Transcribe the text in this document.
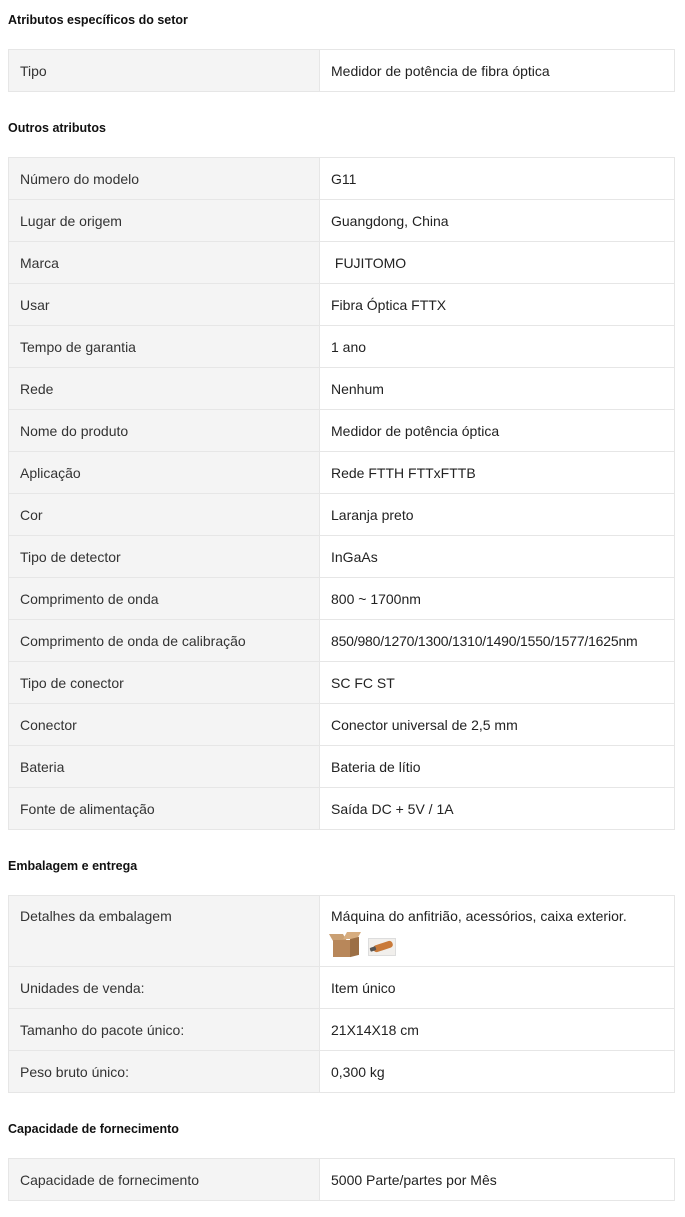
Atributos específicos do setor
Tipo	Medidor de potência de fibra óptica
Outros atributos
Número do modelo	G11
Lugar de origem	Guangdong, China
Marca	FUJITOMO
Usar	Fibra Óptica FTTX
Tempo de garantia	1 ano
Rede	Nenhum
Nome do produto	Medidor de potência óptica
Aplicação	Rede FTTH FTTxFTTB
Cor	Laranja preto
Tipo de detector	InGaAs
Comprimento de onda	800 ~ 1700nm
Comprimento de onda de calibração	850/980/1270/1300/1310/1490/1550/1577/1625nm
Tipo de conector	SC FC ST
Conector	Conector universal de 2,5 mm
Bateria	Bateria de lítio
Fonte de alimentação	Saída DC + 5V / 1A
Embalagem e entrega
Detalhes da embalagem	Máquina do anfitrião, acessórios, caixa exterior.

Unidades de venda:	Item único
Tamanho do pacote único:	21X14X18 cm
Peso bruto único:	0,300 kg
Capacidade de fornecimento
Capacidade de fornecimento	5000 Parte/partes por Mês
